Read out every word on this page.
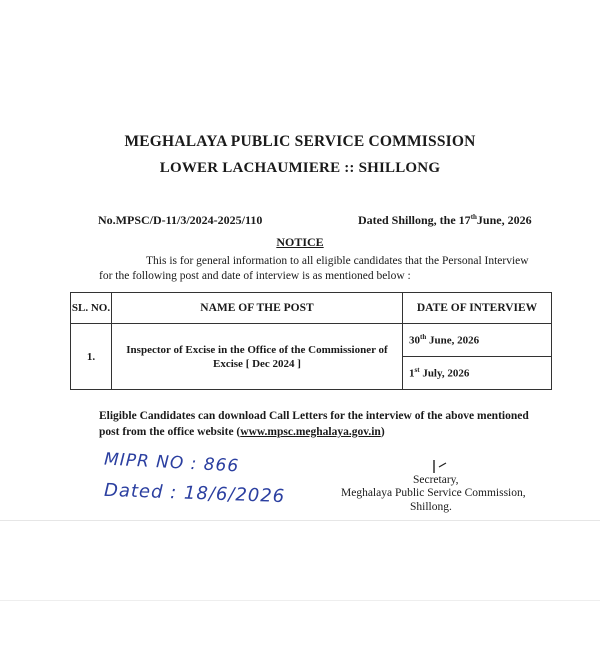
MEGHALAYA PUBLIC SERVICE COMMISSION
LOWER LACHAUMIERE :: SHILLONG
No.MPSC/D-11/3/2024-2025/110	Dated Shillong, the 17thJune, 2026
NOTICE
This is for general information to all eligible candidates that the Personal Interview for the following post and date of interview is as mentioned below :
SL. NO.	NAME OF THE POST	DATE OF INTERVIEW
1.	Inspector of Excise in the Office of the Commissioner of Excise [ Dec 2024 ]	30th June, 2026
		1st July, 2026
Eligible Candidates can download Call Letters for the interview of the above mentioned post from the office website (www.mpsc.meghalaya.gov.in)
Secretary,
Meghalaya Public Service Commission,
Shillong.
MIPR NO : 866
Dated : 18/6/2026
